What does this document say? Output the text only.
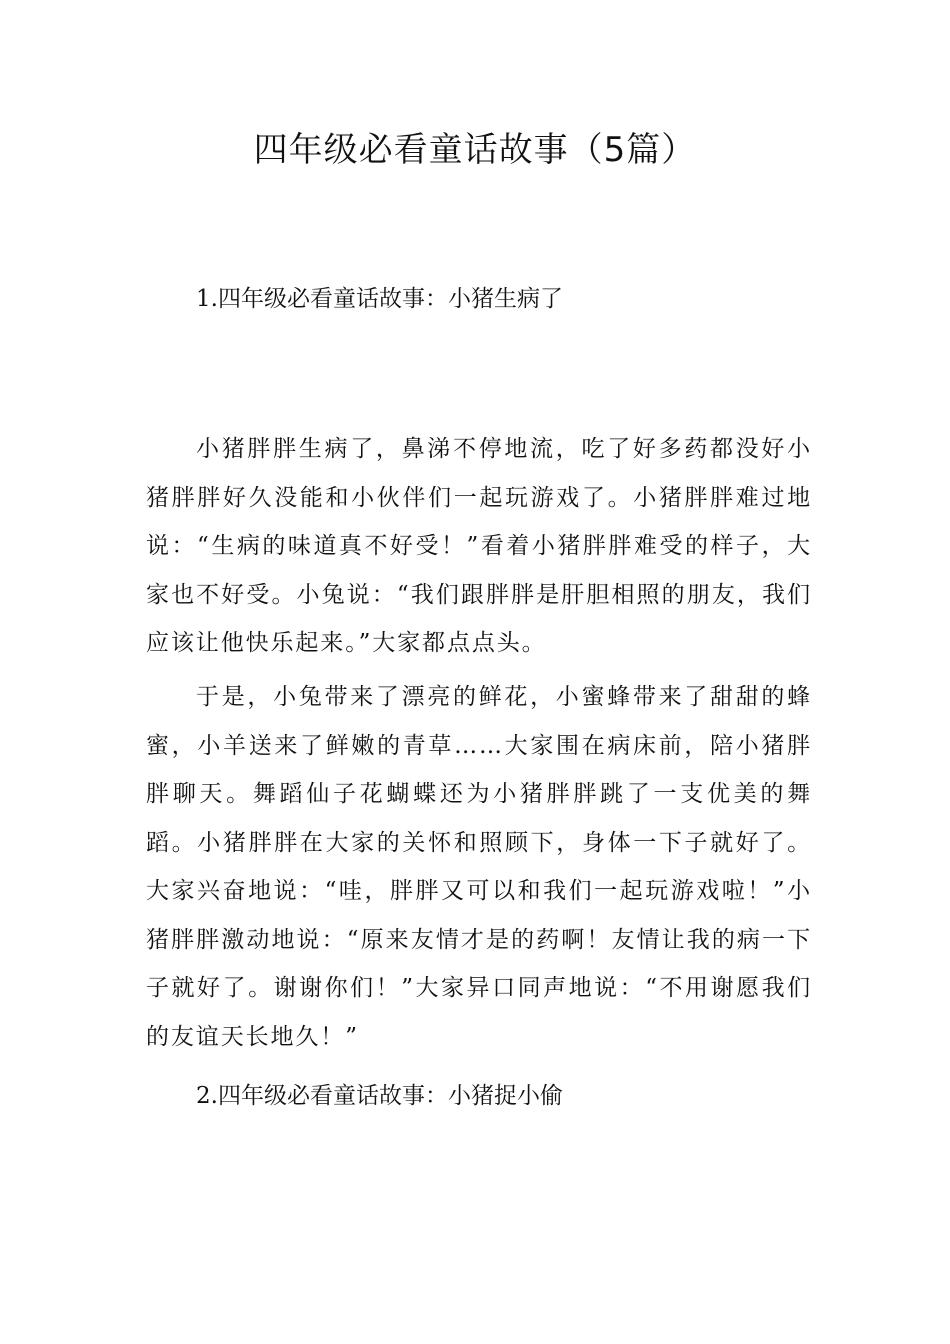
四年级必看童话故事（5篇）
1.四年级必看童话故事：小猪生病了

小猪胖胖生病了，鼻涕不停地流，吃了好多药都没好小猪胖胖好久没能和小伙伴们一起玩游戏了。小猪胖胖难过地说：“生病的味道真不好受！”看着小猪胖胖难受的样子，大家也不好受。小兔说：“我们跟胖胖是肝胆相照的朋友，我们应该让他快乐起来。”大家都点点头。

于是，小兔带来了漂亮的鲜花，小蜜蜂带来了甜甜的蜂蜜，小羊送来了鲜嫩的青草……大家围在病床前，陪小猪胖胖聊天。舞蹈仙子花蝴蝶还为小猪胖胖跳了一支优美的舞蹈。小猪胖胖在大家的关怀和照顾下，身体一下子就好了。大家兴奋地说：“哇，胖胖又可以和我们一起玩游戏啦！”小猪胖胖激动地说：“原来友情才是的药啊！友情让我的病一下子就好了。谢谢你们！”大家异口同声地说：“不用谢愿我们的友谊天长地久！”

2.四年级必看童话故事：小猪捉小偷
